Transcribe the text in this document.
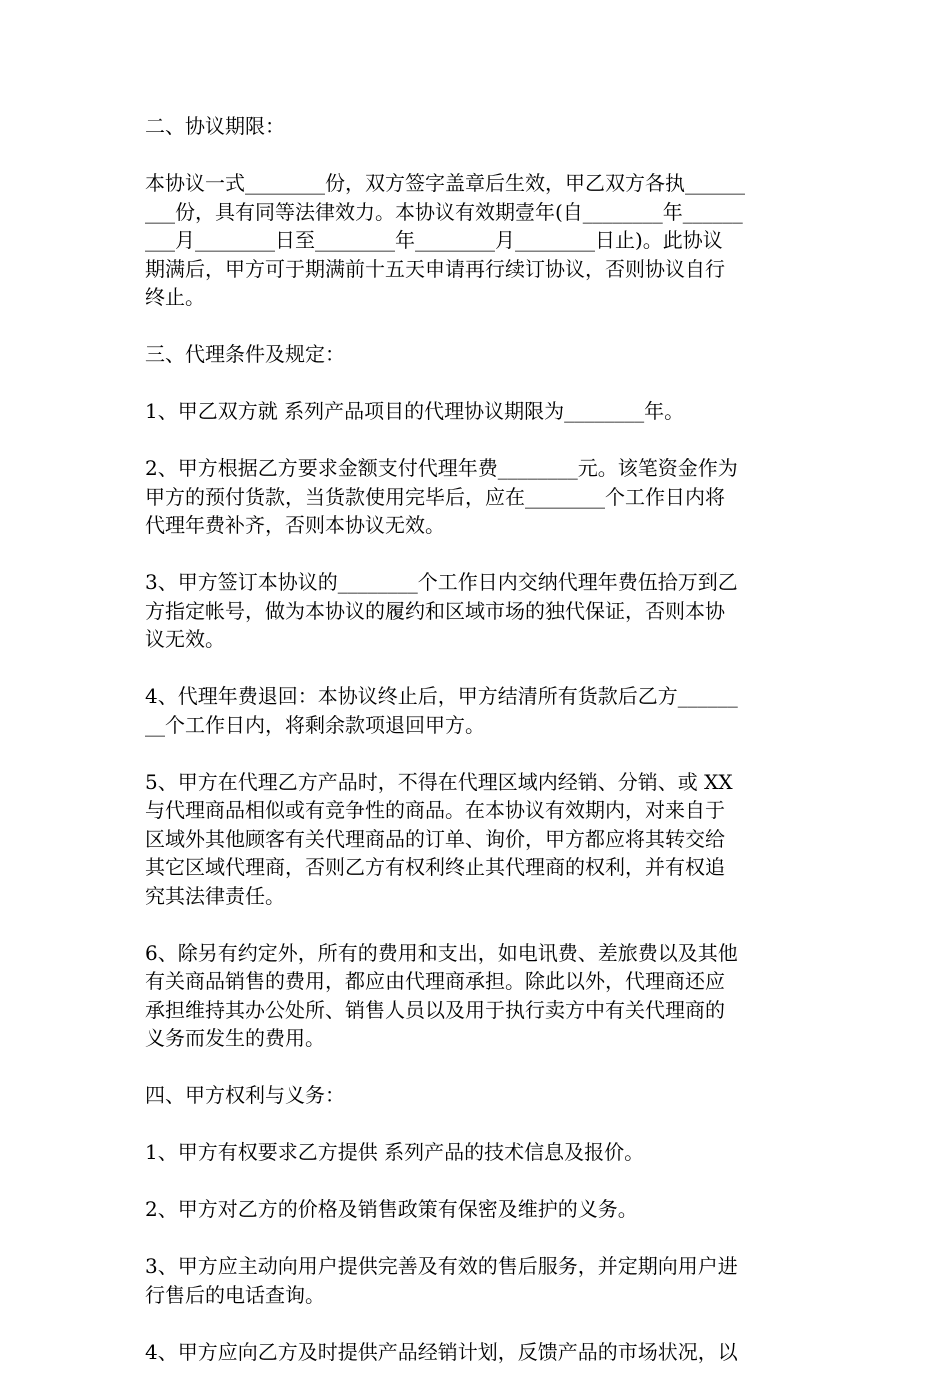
二、协议期限：
本协议一式________份，双方签字盖章后生效，甲乙双方各执______
___份，具有同等法律效力。本协议有效期壹年(自________年______
___月________日至________年________月________日止)。此协议
期满后，甲方可于期满前十五天申请再行续订协议，否则协议自行
终止。
三、代理条件及规定：
1、甲乙双方就 系列产品项目的代理协议期限为________年。
2、甲方根据乙方要求金额支付代理年费________元。该笔资金作为
甲方的预付货款，当货款使用完毕后，应在________个工作日内将
代理年费补齐，否则本协议无效。
3、甲方签订本协议的________个工作日内交纳代理年费伍拾万到乙
方指定帐号，做为本协议的履约和区域市场的独代保证，否则本协
议无效。
4、代理年费退回：本协议终止后，甲方结清所有货款后乙方______
__个工作日内，将剩余款项退回甲方。
5、甲方在代理乙方产品时，不得在代理区域内经销、分销、或 XX
与代理商品相似或有竞争性的商品。在本协议有效期内，对来自于
区域外其他顾客有关代理商品的订单、询价，甲方都应将其转交给
其它区域代理商，否则乙方有权利终止其代理商的权利，并有权追
究其法律责任。
6、除另有约定外，所有的费用和支出，如电讯费、差旅费以及其他
有关商品销售的费用，都应由代理商承担。除此以外，代理商还应
承担维持其办公处所、销售人员以及用于执行卖方中有关代理商的
义务而发生的费用。
四、甲方权利与义务：
1、甲方有权要求乙方提供 系列产品的技术信息及报价。
2、甲方对乙方的价格及销售政策有保密及维护的义务。
3、甲方应主动向用户提供完善及有效的售后服务，并定期向用户进
行售后的电话查询。
4、甲方应向乙方及时提供产品经销计划，反馈产品的市场状况，以
